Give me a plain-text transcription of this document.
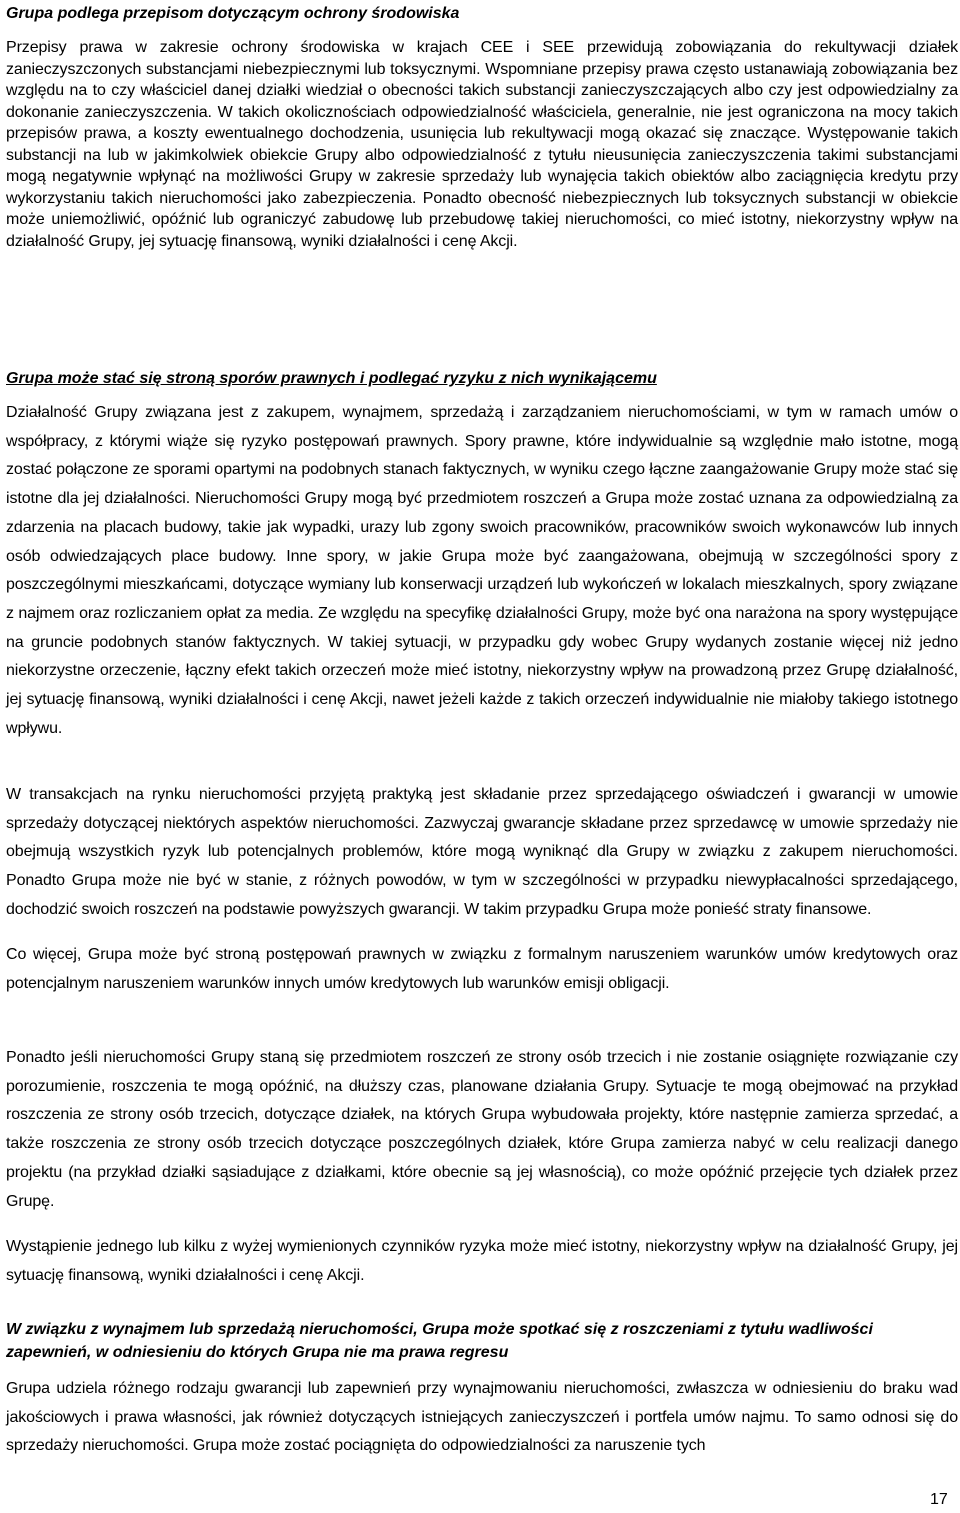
Grupa podlega przepisom dotyczącym ochrony środowiska

Przepisy prawa w zakresie ochrony środowiska w krajach CEE i SEE przewidują zobowiązania do rekultywacji działek zanieczyszczonych substancjami niebezpiecznymi lub toksycznymi. Wspomniane przepisy prawa często ustanawiają zobowiązania bez względu na to czy właściciel danej działki wiedział o obecności takich substancji zanieczyszczających albo czy jest odpowiedzialny za dokonanie zanieczyszczenia. W takich okolicznościach odpowiedzialność właściciela, generalnie, nie jest ograniczona na mocy takich przepisów prawa, a koszty ewentualnego dochodzenia, usunięcia lub rekultywacji mogą okazać się znaczące. Występowanie takich substancji na lub w jakimkolwiek obiekcie Grupy albo odpowiedzialność z tytułu nieusunięcia zanieczyszczenia takimi substancjami mogą negatywnie wpłynąć na możliwości Grupy w zakresie sprzedaży lub wynajęcia takich obiektów albo zaciągnięcia kredytu przy wykorzystaniu takich nieruchomości jako zabezpieczenia. Ponadto obecność niebezpiecznych lub toksycznych substancji w obiekcie może uniemożliwić, opóźnić lub ograniczyć zabudowę lub przebudowę takiej nieruchomości, co mieć istotny, niekorzystny wpływ na działalność Grupy, jej sytuację finansową, wyniki działalności i cenę Akcji.

Grupa może stać się stroną sporów prawnych i podlegać ryzyku z nich wynikającemu

Działalność Grupy związana jest z zakupem, wynajmem, sprzedażą i zarządzaniem nieruchomościami, w tym w ramach umów o współpracy, z którymi wiąże się ryzyko postępowań prawnych. Spory prawne, które indywidualnie są względnie mało istotne, mogą zostać połączone ze sporami opartymi na podobnych stanach faktycznych, w wyniku czego łączne zaangażowanie Grupy może stać się istotne dla jej działalności. Nieruchomości Grupy mogą być przedmiotem roszczeń a Grupa może zostać uznana za odpowiedzialną za zdarzenia na placach budowy, takie jak wypadki, urazy lub zgony swoich pracowników, pracowników swoich wykonawców lub innych osób odwiedzających place budowy. Inne spory, w jakie Grupa może być zaangażowana, obejmują w szczególności spory z poszczególnymi mieszkańcami, dotyczące wymiany lub konserwacji urządzeń lub wykończeń w lokalach mieszkalnych, spory związane z najmem oraz rozliczaniem opłat za media. Ze względu na specyfikę działalności Grupy, może być ona narażona na spory występujące na gruncie podobnych stanów faktycznych. W takiej sytuacji, w przypadku gdy wobec Grupy wydanych zostanie więcej niż jedno niekorzystne orzeczenie, łączny efekt takich orzeczeń może mieć istotny, niekorzystny wpływ na prowadzoną przez Grupę działalność, jej sytuację finansową, wyniki działalności i cenę Akcji, nawet jeżeli każde z takich orzeczeń indywidualnie nie miałoby takiego istotnego wpływu.

W transakcjach na rynku nieruchomości przyjętą praktyką jest składanie przez sprzedającego oświadczeń i gwarancji w umowie sprzedaży dotyczącej niektórych aspektów nieruchomości. Zazwyczaj gwarancje składane przez sprzedawcę w umowie sprzedaży nie obejmują wszystkich ryzyk lub potencjalnych problemów, które mogą wyniknąć dla Grupy w związku z zakupem nieruchomości. Ponadto Grupa może nie być w stanie, z różnych powodów, w tym w szczególności w przypadku niewypłacalności sprzedającego, dochodzić swoich roszczeń na podstawie powyższych gwarancji. W takim przypadku Grupa może ponieść straty finansowe.

Co więcej, Grupa może być stroną postępowań prawnych w związku z formalnym naruszeniem warunków umów kredytowych oraz potencjalnym naruszeniem warunków innych umów kredytowych lub warunków emisji obligacji.

Ponadto jeśli nieruchomości Grupy staną się przedmiotem roszczeń ze strony osób trzecich i nie zostanie osiągnięte rozwiązanie czy porozumienie, roszczenia te mogą opóźnić, na dłuższy czas, planowane działania Grupy. Sytuacje te mogą obejmować na przykład roszczenia ze strony osób trzecich, dotyczące działek, na których Grupa wybudowała projekty, które następnie zamierza sprzedać, a także roszczenia ze strony osób trzecich dotyczące poszczególnych działek, które Grupa zamierza nabyć w celu realizacji danego projektu (na przykład działki sąsiadujące z działkami, które obecnie są jej własnością), co może opóźnić przejęcie tych działek przez Grupę.

Wystąpienie jednego lub kilku z wyżej wymienionych czynników ryzyka może mieć istotny, niekorzystny wpływ na działalność Grupy, jej sytuację finansową, wyniki działalności i cenę Akcji.

W związku z wynajmem lub sprzedażą nieruchomości, Grupa może spotkać się z roszczeniami z tytułu wadliwości zapewnień, w odniesieniu do których Grupa nie ma prawa regresu

Grupa udziela różnego rodzaju gwarancji lub zapewnień przy wynajmowaniu nieruchomości, zwłaszcza w odniesieniu do braku wad jakościowych i prawa własności, jak również dotyczących istniejących zanieczyszczeń i portfela umów najmu. To samo odnosi się do sprzedaży nieruchomości. Grupa może zostać pociągnięta do odpowiedzialności za naruszenie tych

17
